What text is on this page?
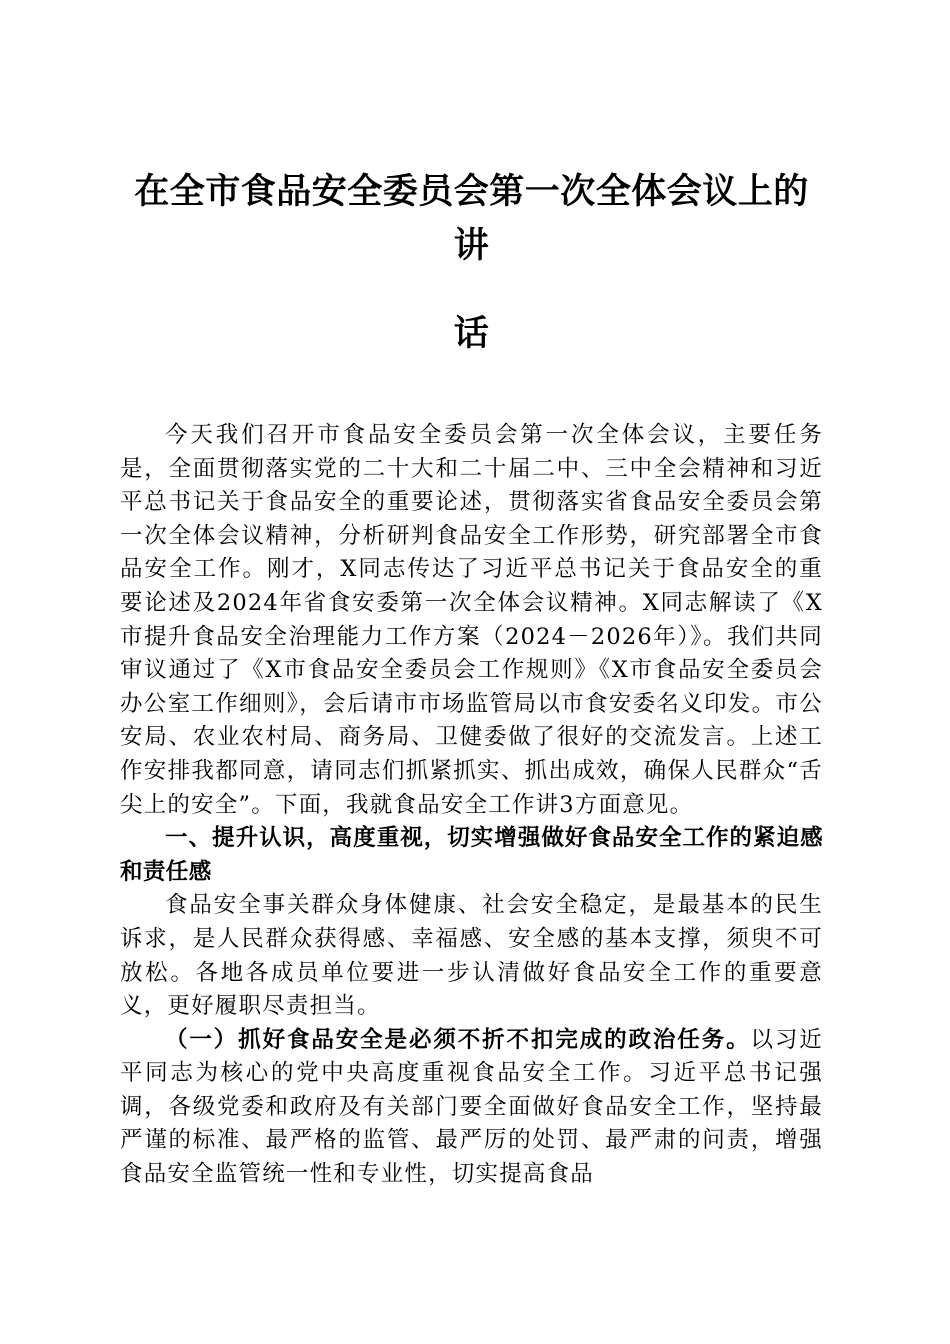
在全市食品安全委员会第一次全体会议上的讲
话

今天我们召开市食品安全委员会第一次全体会议，主要任务是，全面贯彻落实党的二十大和二十届二中、三中全会精神和习近平总书记关于食品安全的重要论述，贯彻落实省食品安全委员会第一次全体会议精神，分析研判食品安全工作形势，研究部署全市食品安全工作。刚才，X同志传达了习近平总书记关于食品安全的重要论述及2024年省食安委第一次全体会议精神。X同志解读了《X市提升食品安全治理能力工作方案（2024－2026年）》。我们共同审议通过了《X市食品安全委员会工作规则》《X市食品安全委员会办公室工作细则》，会后请市市场监管局以市食安委名义印发。市公安局、农业农村局、商务局、卫健委做了很好的交流发言。上述工作安排我都同意，请同志们抓紧抓实、抓出成效，确保人民群众“舌尖上的安全”。下面，我就食品安全工作讲3方面意见。

一、提升认识，高度重视，切实增强做好食品安全工作的紧迫感和责任感

食品安全事关群众身体健康、社会安全稳定，是最基本的民生诉求，是人民群众获得感、幸福感、安全感的基本支撑，须臾不可放松。各地各成员单位要进一步认清做好食品安全工作的重要意义，更好履职尽责担当。

（一）抓好食品安全是必须不折不扣完成的政治任务。以习近平同志为核心的党中央高度重视食品安全工作。习近平总书记强调，各级党委和政府及有关部门要全面做好食品安全工作，坚持最严谨的标准、最严格的监管、最严厉的处罚、最严肃的问责，增强食品安全监管统一性和专业性，切实提高食品
